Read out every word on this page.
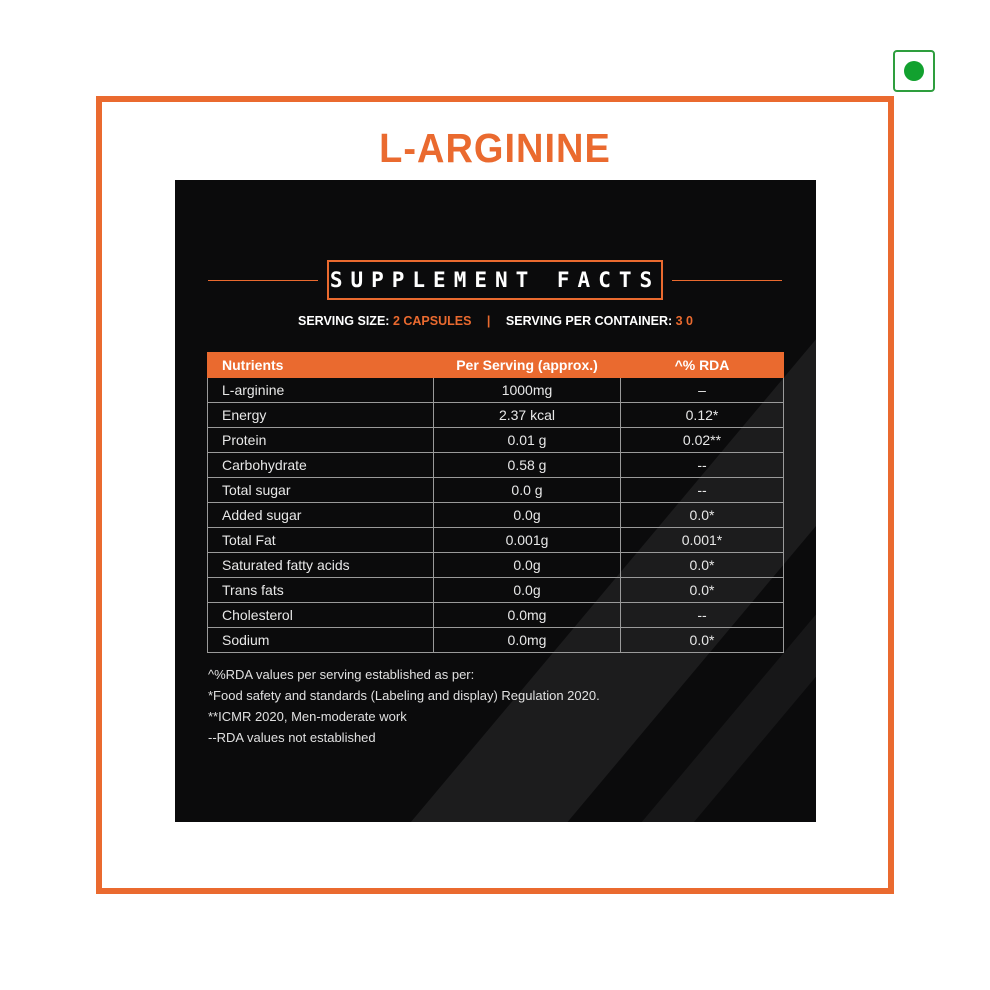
L-ARGININE
SUPPLEMENT FACTS
SERVING SIZE: 2 CAPSULES | SERVING PER CONTAINER: 3 0
Nutrients	Per Serving (approx.)	^% RDA
L-arginine	1000mg	–
Energy	2.37 kcal	0.12*
Protein	0.01 g	0.02**
Carbohydrate	0.58 g	--
Total sugar	0.0 g	--
Added sugar	0.0g	0.0*
Total Fat	0.001g	0.001*
Saturated fatty acids	0.0g	0.0*
Trans fats	0.0g	0.0*
Cholesterol	0.0mg	--
Sodium	0.0mg	0.0*
^%RDA values per serving established as per:
*Food safety and standards (Labeling and display) Regulation 2020.
**ICMR 2020, Men-moderate work
--RDA values not established
